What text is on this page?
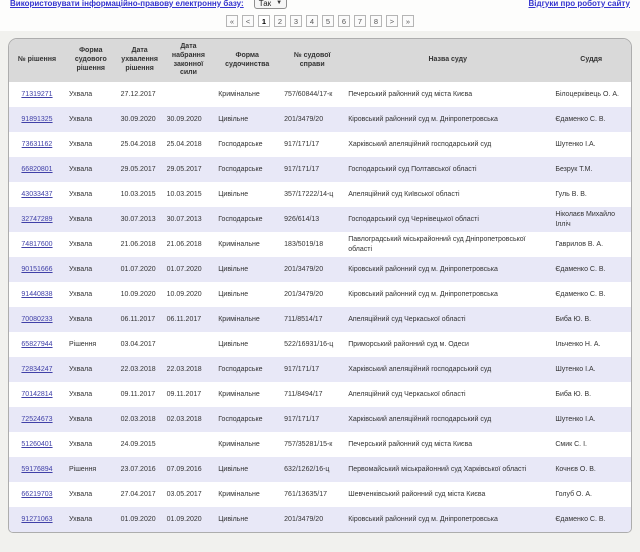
Використовувати інформаційно-правову електронну базу: Так ▼	Відгуки про роботу сайту
«	<	1	2	3	4	5	6	7	8	>	»
№ рішення	Форма судового рішення	Дата ухвалення рішення	Дата набрання законної сили	Форма судочинства	№ судової справи	Назва суду	Суддя
71319271	Ухвала	27.12.2017		Кримінальне	757/60844/17-к	Печерський районний суд міста Києва	Білоцерківець О. А.
91891325	Ухвала	30.09.2020	30.09.2020	Цивільне	201/3479/20	Кіровський районний суд м. Дніпропетровська	Єдаменко С. В.
73631162	Ухвала	25.04.2018	25.04.2018	Господарське	917/171/17	Харківський апеляційний господарський суд	Шутенко І.А.
66820801	Ухвала	29.05.2017	29.05.2017	Господарське	917/171/17	Господарський суд Полтавської області	Безрук Т.М.
43033437	Ухвала	10.03.2015	10.03.2015	Цивільне	357/17222/14-ц	Апеляційний суд Київської області	Гуль В. В.
32747289	Ухвала	30.07.2013	30.07.2013	Господарське	926/614/13	Господарський суд Чернівецької області	Ніколаєв Михайло Ілліч
74817600	Ухвала	21.06.2018	21.06.2018	Кримінальне	183/5019/18	Павлоградський міськрайонний суд Дніпропетровської області	Гаврилов В. А.
90151666	Ухвала	01.07.2020	01.07.2020	Цивільне	201/3479/20	Кіровський районний суд м. Дніпропетровська	Єдаменко С. В.
91440838	Ухвала	10.09.2020	10.09.2020	Цивільне	201/3479/20	Кіровський районний суд м. Дніпропетровська	Єдаменко С. В.
70080233	Ухвала	06.11.2017	06.11.2017	Кримінальне	711/8514/17	Апеляційний суд Черкаської області	Биба Ю. В.
65827944	Рішення	03.04.2017		Цивільне	522/16931/16-ц	Приморський районний суд м. Одеси	Ільченко Н. А.
72834247	Ухвала	22.03.2018	22.03.2018	Господарське	917/171/17	Харківський апеляційний господарський суд	Шутенко І.А.
70142814	Ухвала	09.11.2017	09.11.2017	Кримінальне	711/8494/17	Апеляційний суд Черкаської області	Биба Ю. В.
72524673	Ухвала	02.03.2018	02.03.2018	Господарське	917/171/17	Харківський апеляційний господарський суд	Шутенко І.А.
51260401	Ухвала	24.09.2015		Кримінальне	757/35281/15-к	Печерський районний суд міста Києва	Смик С. І.
59176894	Рішення	23.07.2016	07.09.2016	Цивільне	632/1262/16-ц	Первомайський міськрайонний суд Харківської області	Кочнєв О. В.
66219703	Ухвала	27.04.2017	03.05.2017	Кримінальне	761/13635/17	Шевченківський районний суд міста Києва	Голуб О. А.
91271063	Ухвала	01.09.2020	01.09.2020	Цивільне	201/3479/20	Кіровський районний суд м. Дніпропетровська	Єдаменко С. В.
